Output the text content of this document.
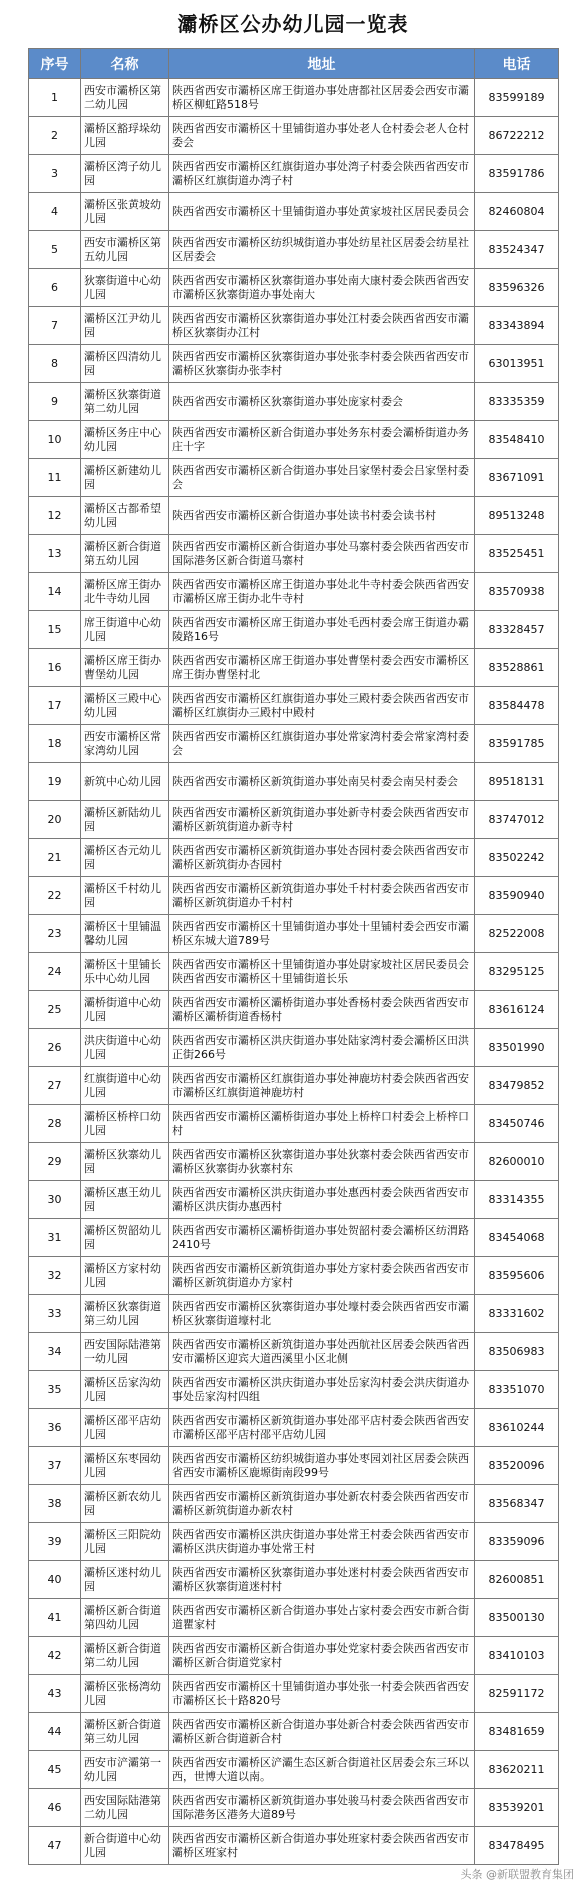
灞桥区公办幼儿园一览表
序号	名称	地址	电话
1	西安市灞桥区第二幼儿园	陕西省西安市灞桥区席王街道办事处唐都社区居委会西安市灞桥区柳虹路518号	83599189
2	灞桥区豁琈垛幼儿园	陕西省西安市灞桥区十里铺街道办事处老人仓村委会老人仓村委会	86722212
3	灞桥区湾子幼儿园	陕西省西安市灞桥区红旗街道办事处湾子村委会陕西省西安市灞桥区红旗街道办湾子村	83591786
4	灞桥区张黄坡幼儿园	陕西省西安市灞桥区十里铺街道办事处黄家坡社区居民委员会	82460804
5	西安市灞桥区第五幼儿园	陕西省西安市灞桥区纺织城街道办事处纺星社区居委会纺星社区居委会	83524347
6	狄寨街道中心幼儿园	陕西省西安市灞桥区狄寨街道办事处南大康村委会陕西省西安市灞桥区狄寨街道办事处南大	83596326
7	灞桥区江尹幼儿园	陕西省西安市灞桥区狄寨街道办事处江村委会陕西省西安市灞桥区狄寨街办江村	83343894
8	灞桥区四清幼儿园	陕西省西安市灞桥区狄寨街道办事处张李村委会陕西省西安市灞桥区狄寨街办张李村	63013951
9	灞桥区狄寨街道第二幼儿园	陕西省西安市灞桥区狄寨街道办事处庞家村委会	83335359
10	灞桥区务庄中心幼儿园	陕西省西安市灞桥区新合街道办事处务东村委会灞桥街道办务庄十字	83548410
11	灞桥区新建幼儿园	陕西省西安市灞桥区新合街道办事处吕家堡村委会吕家堡村委会	83671091
12	灞桥区古都希望幼儿园	陕西省西安市灞桥区新合街道办事处读书村委会读书村	89513248
13	灞桥区新合街道第五幼儿园	陕西省西安市灞桥区新合街道办事处马寨村委会陕西省西安市国际港务区新合街道马寨村	83525451
14	灞桥区席王街办北牛寺幼儿园	陕西省西安市灞桥区席王街道办事处北牛寺村委会陕西省西安市灞桥区席王街办北牛寺村	83570938
15	席王街道中心幼儿园	陕西省西安市灞桥区席王街道办事处毛西村委会席王街道办霸陵路16号	83328457
16	灞桥区席王街办曹堡幼儿园	陕西省西安市灞桥区席王街道办事处曹堡村委会西安市灞桥区席王街办曹堡村北	83528861
17	灞桥区三殿中心幼儿园	陕西省西安市灞桥区红旗街道办事处三殿村委会陕西省西安市灞桥区红旗街办三殿村中殿村	83584478
18	西安市灞桥区常家湾幼儿园	陕西省西安市灞桥区红旗街道办事处常家湾村委会常家湾村委会	83591785
19	新筑中心幼儿园	陕西省西安市灞桥区新筑街道办事处南吴村委会南吴村委会	89518131
20	灞桥区新陆幼儿园	陕西省西安市灞桥区新筑街道办事处新寺村委会陕西省西安市灞桥区新筑街道办新寺村	83747012
21	灞桥区杏元幼儿园	陕西省西安市灞桥区新筑街道办事处杏园村委会陕西省西安市灞桥区新筑街办杏园村	83502242
22	灞桥区千村幼儿园	陕西省西安市灞桥区新筑街道办事处千村村委会陕西省西安市灞桥区新筑街道办千村村	83590940
23	灞桥区十里铺温馨幼儿园	陕西省西安市灞桥区十里铺街道办事处十里铺村委会西安市灞桥区东城大道789号	82522008
24	灞桥区十里铺长乐中心幼儿园	陕西省西安市灞桥区十里铺街道办事处尉家坡社区居民委员会陕西省西安市灞桥区十里铺街道长乐	83295125
25	灞桥街道中心幼儿园	陕西省西安市灞桥区灞桥街道办事处香杨村委会陕西省西安市灞桥区灞桥街道香杨村	83616124
26	洪庆街道中心幼儿园	陕西省西安市灞桥区洪庆街道办事处陆家湾村委会灞桥区田洪正街266号	83501990
27	红旗街道中心幼儿园	陕西省西安市灞桥区红旗街道办事处神鹿坊村委会陕西省西安市灞桥区红旗街道神鹿坊村	83479852
28	灞桥区桥梓口幼儿园	陕西省西安市灞桥区灞桥街道办事处上桥梓口村委会上桥梓口村	83450746
29	灞桥区狄寨幼儿园	陕西省西安市灞桥区狄寨街道办事处狄寨村委会陕西省西安市灞桥区狄寨街办狄寨村东	82600010
30	灞桥区惠王幼儿园	陕西省西安市灞桥区洪庆街道办事处惠西村委会陕西省西安市灞桥区洪庆街办惠西村	83314355
31	灞桥区贺韶幼儿园	陕西省西安市灞桥区灞桥街道办事处贺韶村委会灞桥区纺渭路2410号	83454068
32	灞桥区方家村幼儿园	陕西省西安市灞桥区新筑街道办事处方家村委会陕西省西安市灞桥区新筑街道办方家村	83595606
33	灞桥区狄寨街道第三幼儿园	陕西省西安市灞桥区狄寨街道办事处壕村委会陕西省西安市灞桥区狄寨街道壕村北	83331602
34	西安国际陆港第一幼儿园	陕西省西安市灞桥区新筑街道办事处西航社区居委会陕西省西安市灞桥区迎宾大道西溪里小区北侧	83506983
35	灞桥区岳家沟幼儿园	陕西省西安市灞桥区洪庆街道办事处岳家沟村委会洪庆街道办事处岳家沟村四组	83351070
36	灞桥区邵平店幼儿园	陕西省西安市灞桥区新筑街道办事处邵平店村委会陕西省西安市灞桥区邵平店村邵平店幼儿园	83610244
37	灞桥区东枣园幼儿园	陕西省西安市灞桥区纺织城街道办事处枣园刘社区居委会陕西省西安市灞桥区鹿塬街南段99号	83520096
38	灞桥区新农幼儿园	陕西省西安市灞桥区新筑街道办事处新农村委会陕西省西安市灞桥区新筑街道办新农村	83568347
39	灞桥区三阳院幼儿园	陕西省西安市灞桥区洪庆街道办事处常王村委会陕西省西安市灞桥区洪庆街道办事处常王村	83359096
40	灞桥区迷村幼儿园	陕西省西安市灞桥区狄寨街道办事处迷村村委会陕西省西安市灞桥区狄寨街道迷村村	82600851
41	灞桥区新合街道第四幼儿园	陕西省西安市灞桥区新合街道办事处占家村委会西安市新合街道瞿家村	83500130
42	灞桥区新合街道第二幼儿园	陕西省西安市灞桥区新合街道办事处党家村委会陕西省西安市灞桥区新合街道党家村	83410103
43	灞桥区张杨湾幼儿园	陕西省西安市灞桥区十里铺街道办事处张一村委会陕西省西安市灞桥区长十路820号	82591172
44	灞桥区新合街道第三幼儿园	陕西省西安市灞桥区新合街道办事处新合村委会陕西省西安市灞桥区新合街道新合村	83481659
45	西安市浐灞第一幼儿园	陕西省西安市灞桥区浐灞生态区新合街道社区居委会东三环以西，世博大道以南。	83620211
46	西安国际陆港第二幼儿园	陕西省西安市灞桥区新筑街道办事处骏马村委会陕西省西安市国际港务区港务大道89号	83539201
47	新合街道中心幼儿园	陕西省西安市灞桥区新合街道办事处班家村委会陕西省西安市灞桥区班家村	83478495
头条 @新联盟教育集团
